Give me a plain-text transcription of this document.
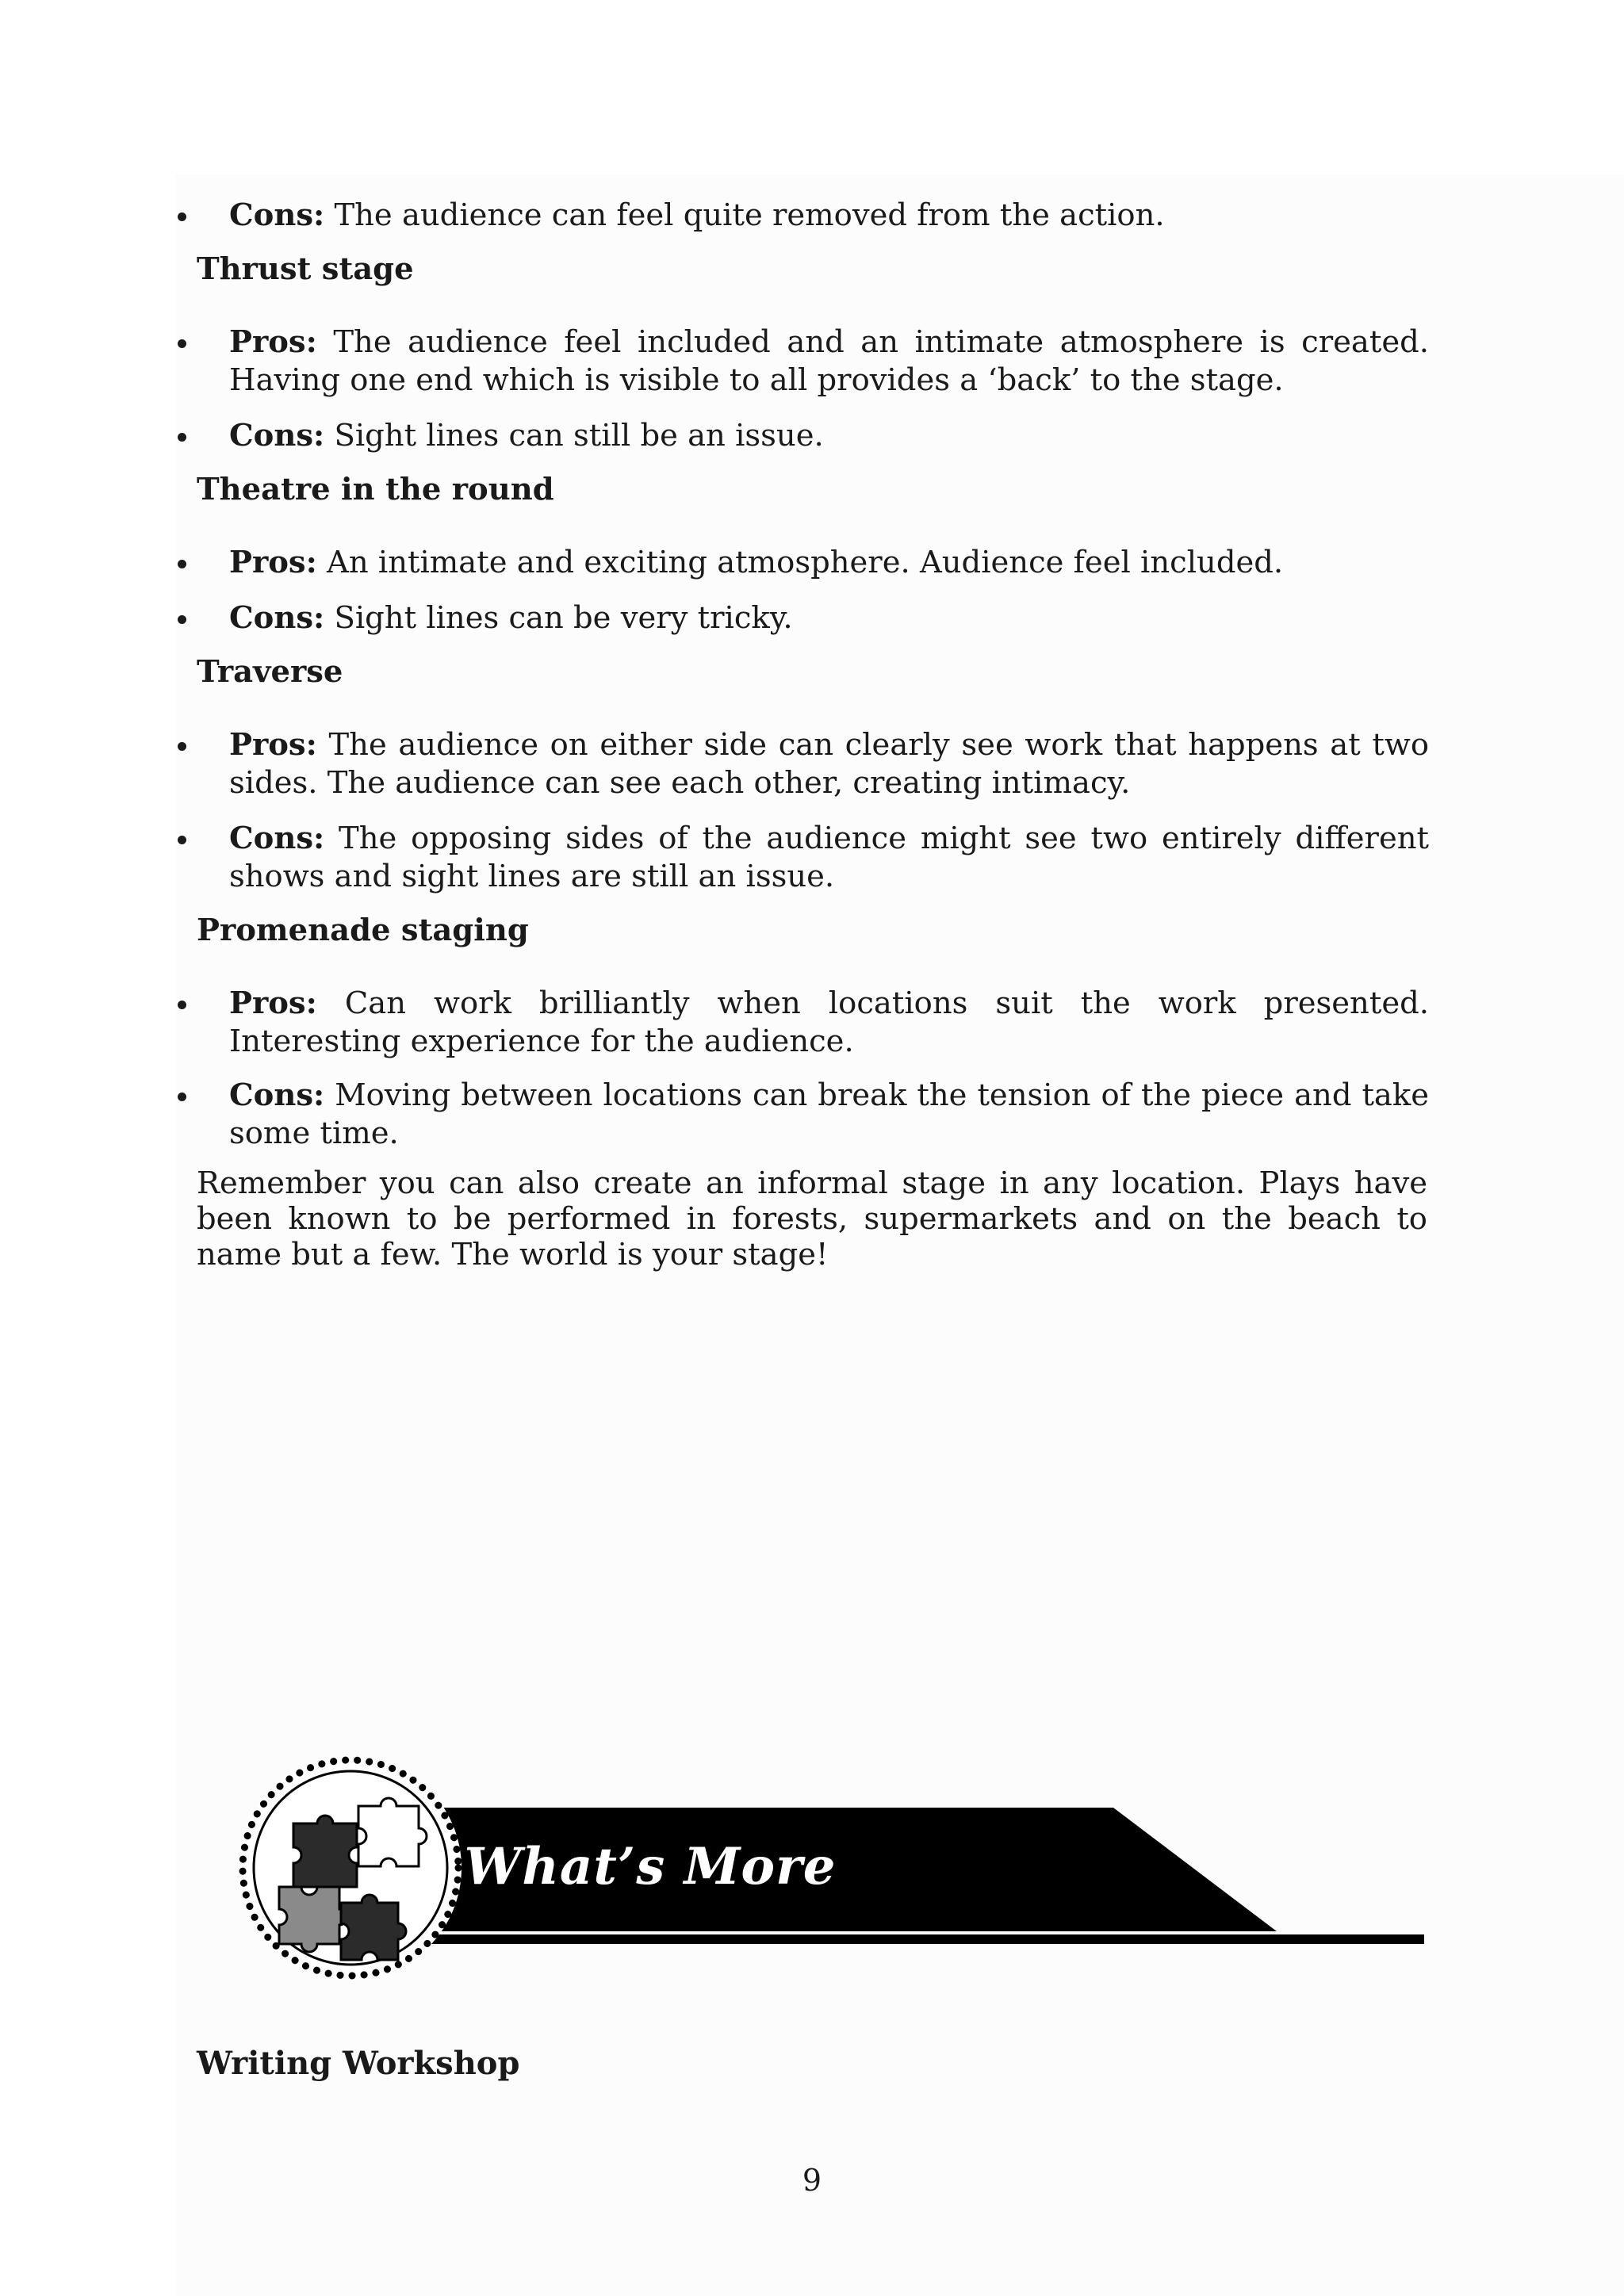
Cons: The audience can feel quite removed from the action.
Thrust stage
Pros: The audience feel included and an intimate atmosphere is created. Having one end which is visible to all provides a ‘back’ to the stage.
Cons: Sight lines can still be an issue.
Theatre in the round
Pros: An intimate and exciting atmosphere. Audience feel included.
Cons: Sight lines can be very tricky.
Traverse
Pros: The audience on either side can clearly see work that happens at two sides. The audience can see each other, creating intimacy.
Cons: The opposing sides of the audience might see two entirely different shows and sight lines are still an issue.
Promenade staging
Pros: Can work brilliantly when locations suit the work presented. Interesting experience for the audience.
Cons: Moving between locations can break the tension of the piece and take some time.
Remember you can also create an informal stage in any location. Plays have been known to be performed in forests, supermarkets and on the beach to name but a few. The world is your stage!
What’s More
Writing Workshop
9
